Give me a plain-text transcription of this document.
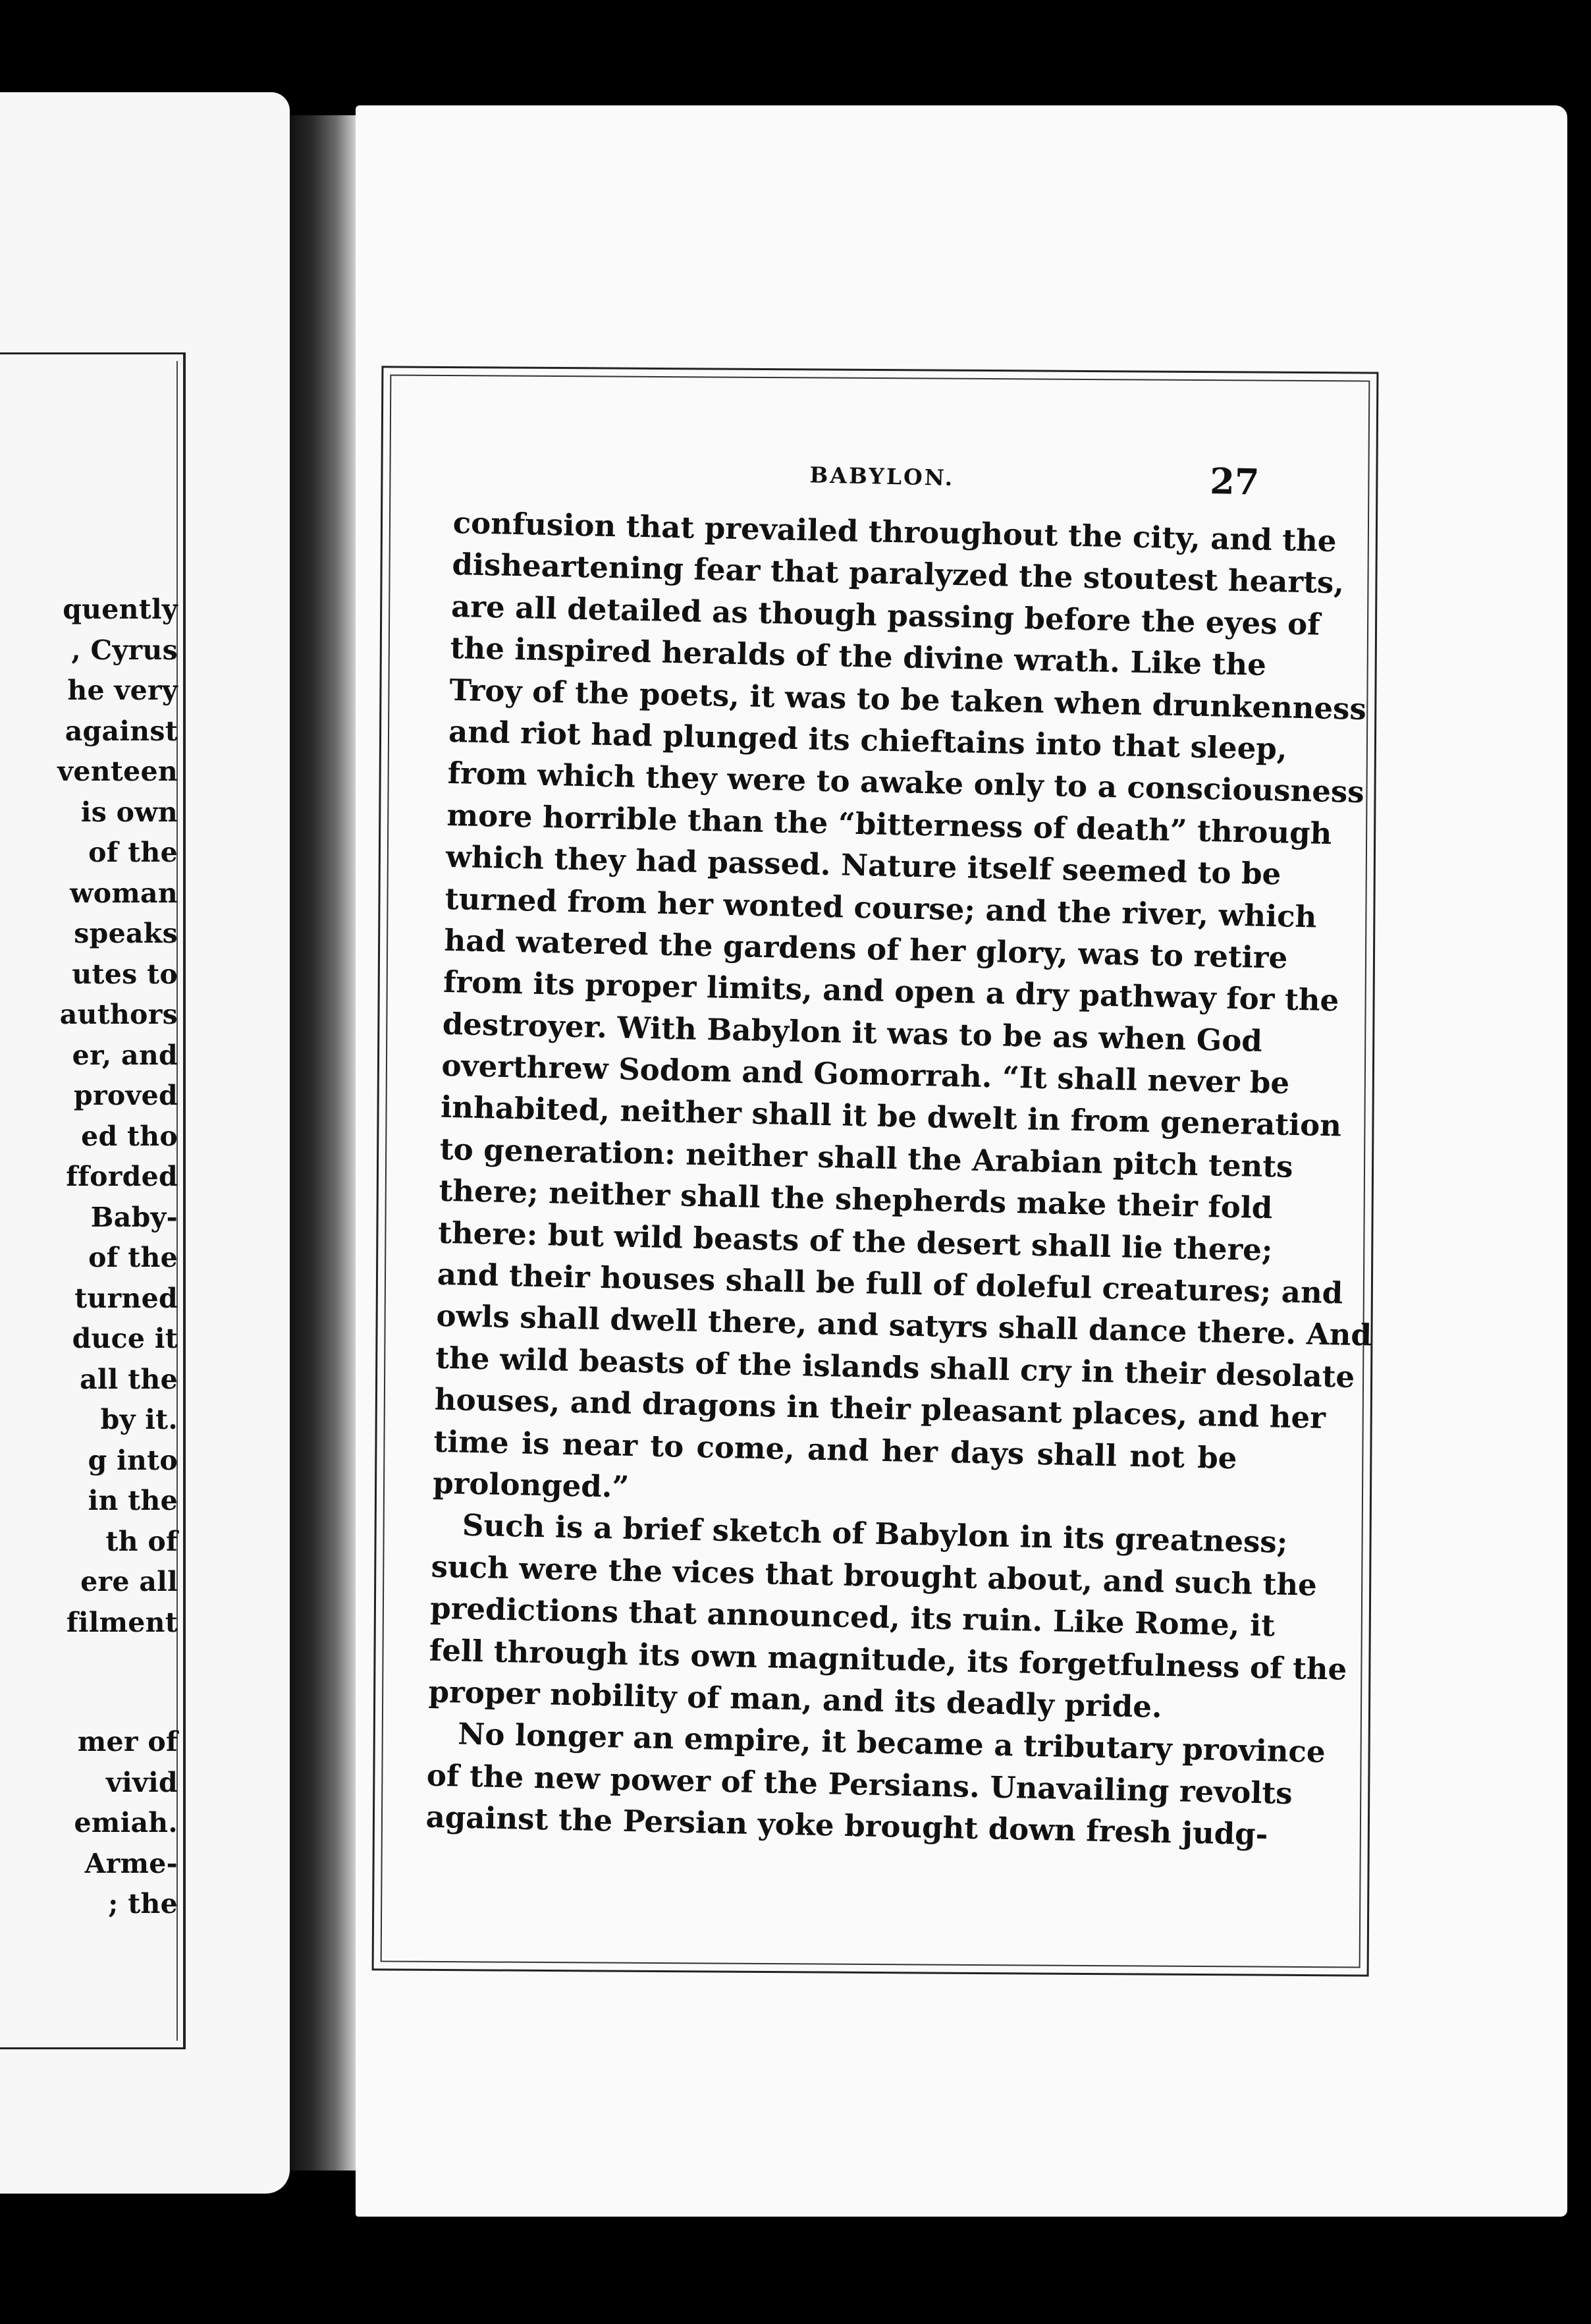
quently
, Cyrus
he very
against
venteen
is own
of the
woman
speaks
utes to
authors
er, and
proved
ed tho
fforded
Baby-
of the
turned
duce it
all the
by it.
g into
in the
th of
ere all
filment
mer of
vivid
emiah.
Arme-
; the
BABYLON.	27
confusion that prevailed throughout the city, and the
disheartening fear that paralyzed the stoutest hearts,
are all detailed as though passing before the eyes of
the inspired heralds of the divine wrath. Like the
Troy of the poets, it was to be taken when drunkenness
and riot had plunged its chieftains into that sleep,
from which they were to awake only to a consciousness
more horrible than the “bitterness of death” through
which they had passed. Nature itself seemed to be
turned from her wonted course; and the river, which
had watered the gardens of her glory, was to retire
from its proper limits, and open a dry pathway for the
destroyer. With Babylon it was to be as when God
overthrew Sodom and Gomorrah. “It shall never be
inhabited, neither shall it be dwelt in from generation
to generation: neither shall the Arabian pitch tents
there; neither shall the shepherds make their fold
there: but wild beasts of the desert shall lie there;
and their houses shall be full of doleful creatures; and
owls shall dwell there, and satyrs shall dance there. And
the wild beasts of the islands shall cry in their desolate
houses, and dragons in their pleasant places, and her
time is near to come, and her days shall not be
prolonged.”
Such is a brief sketch of Babylon in its greatness;
such were the vices that brought about, and such the
predictions that announced, its ruin. Like Rome, it
fell through its own magnitude, its forgetfulness of the
proper nobility of man, and its deadly pride.
No longer an empire, it became a tributary province
of the new power of the Persians. Unavailing revolts
against the Persian yoke brought down fresh judg-
